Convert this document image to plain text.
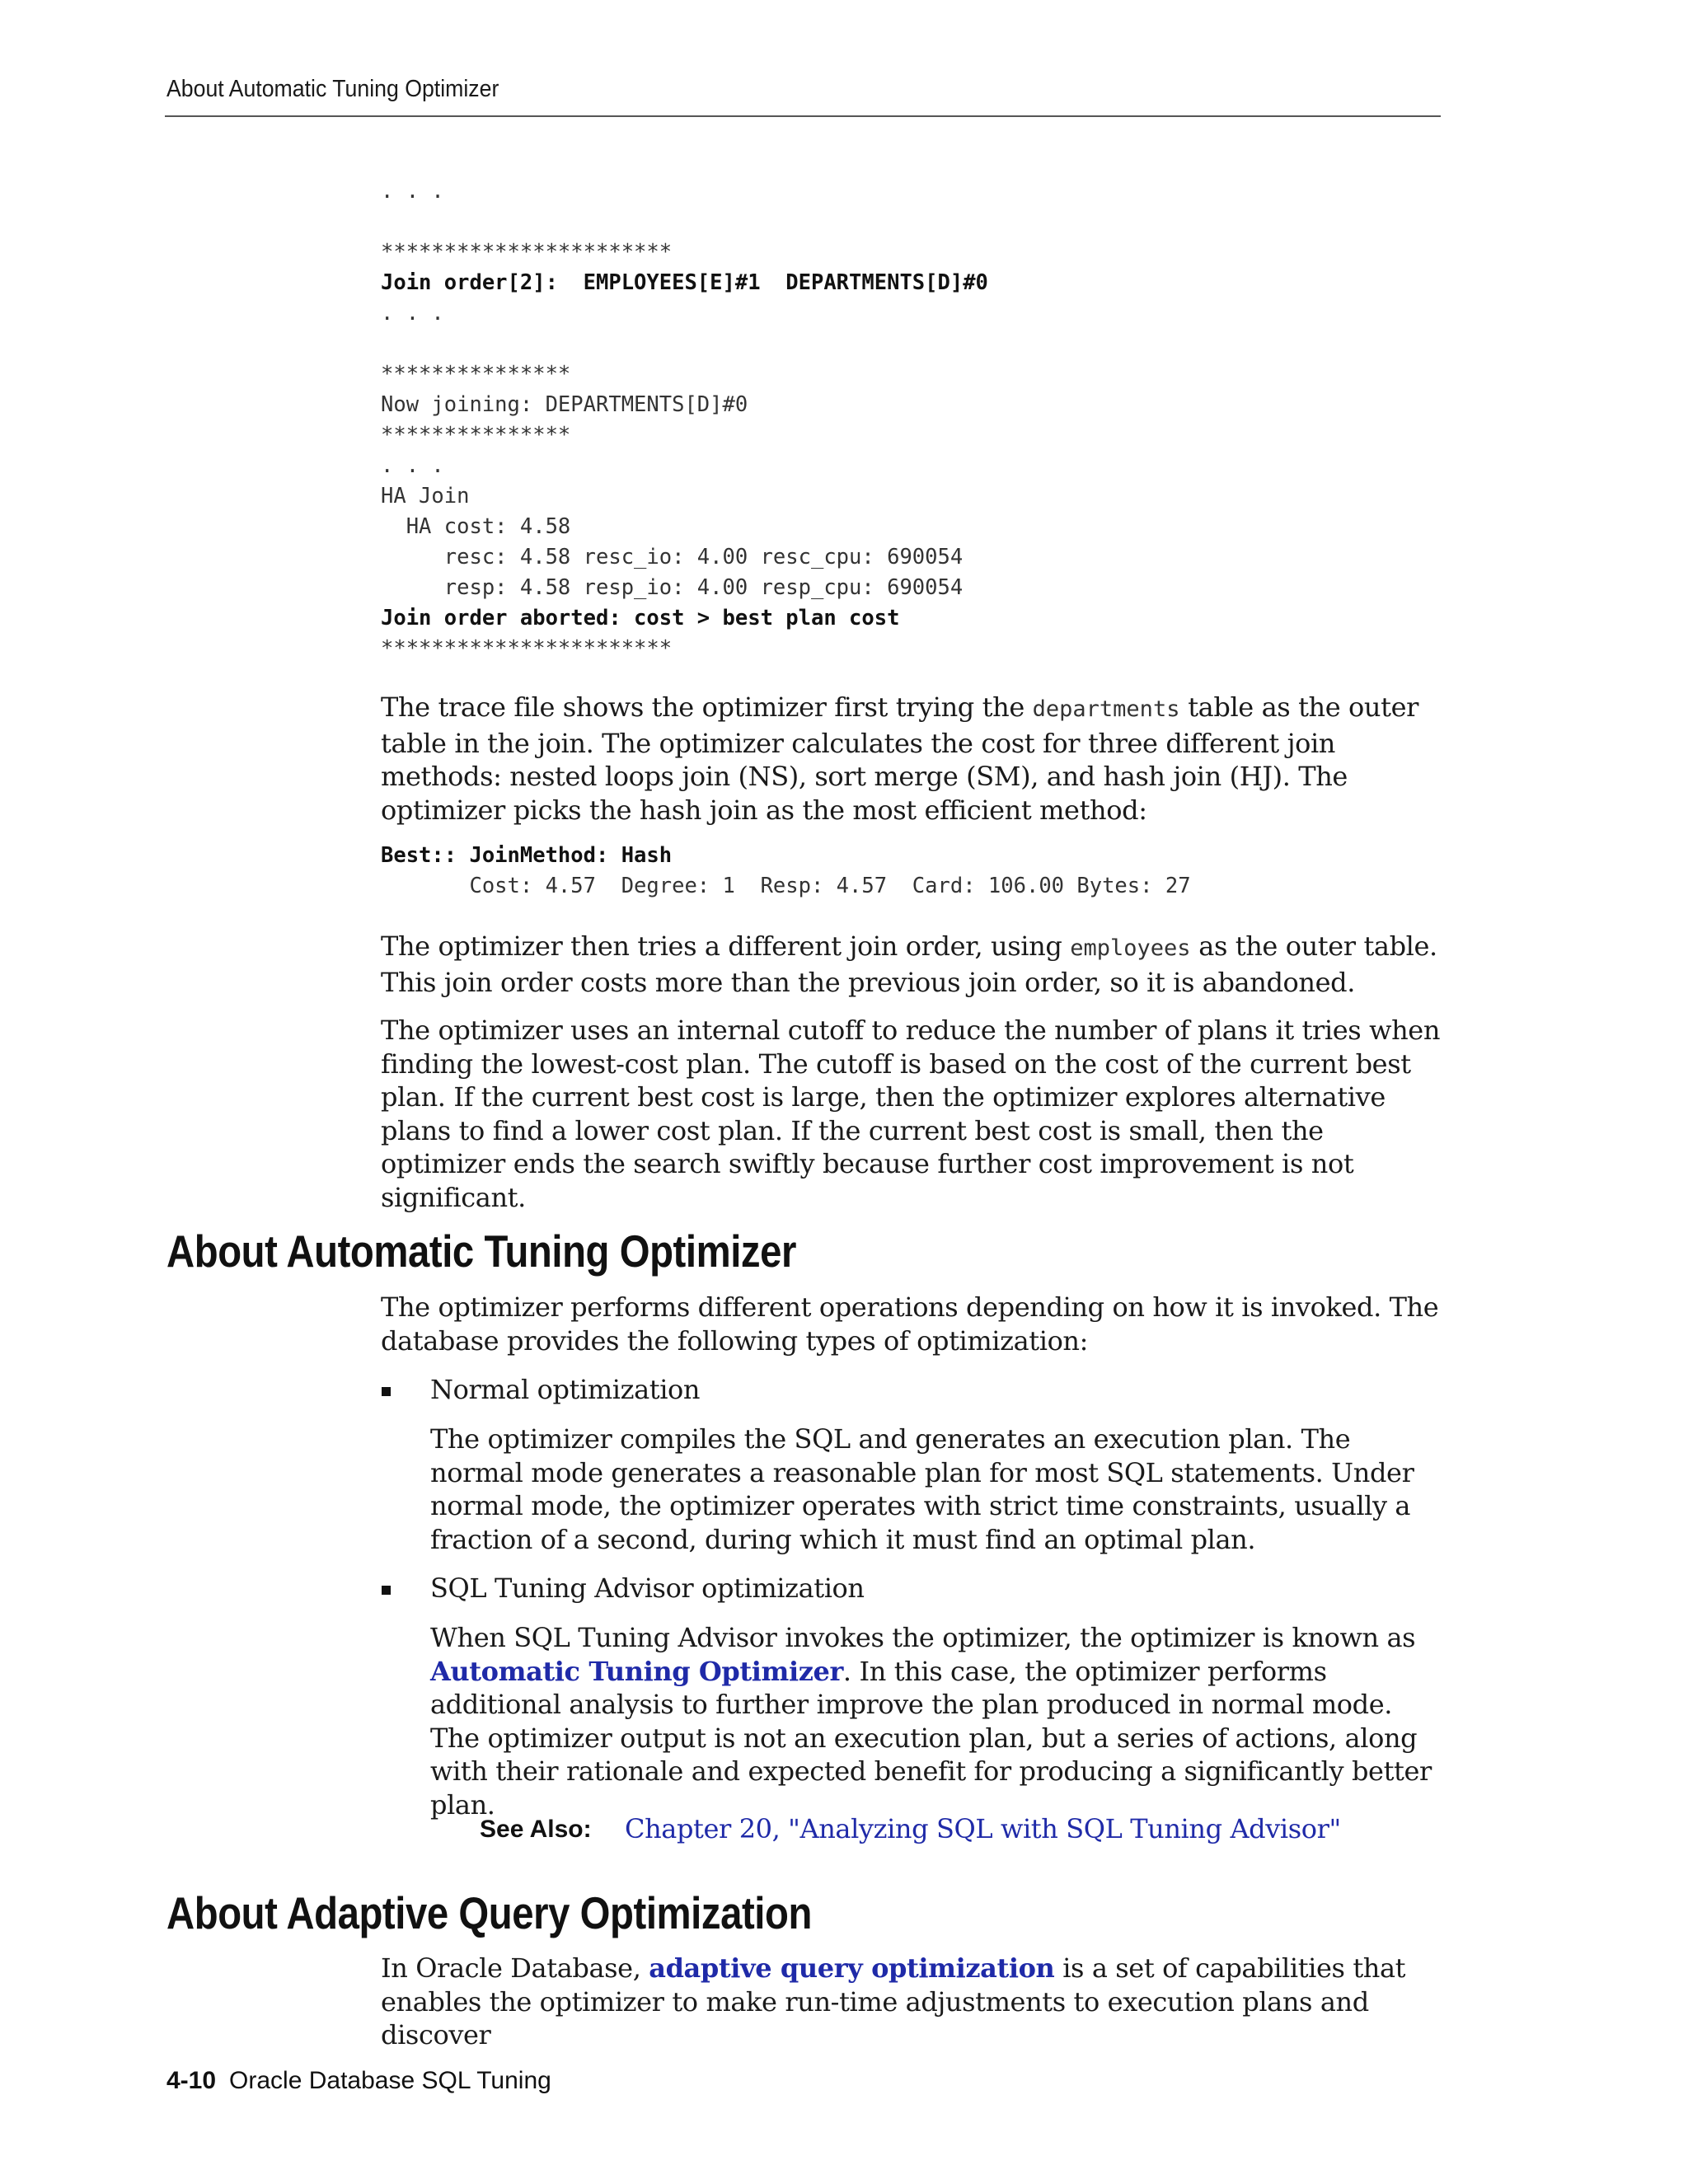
About Automatic Tuning Optimizer
. . .

***********************
Join order[2]:  EMPLOYEES[E]#1  DEPARTMENTS[D]#0
. . .

***************
Now joining: DEPARTMENTS[D]#0
***************
. . .
HA Join
HA cost: 4.58
resc: 4.58 resc_io: 4.00 resc_cpu: 690054
resp: 4.58 resp_io: 4.00 resp_cpu: 690054
Join order aborted: cost > best plan cost
***********************

The trace file shows the optimizer first trying the departments table as the outer table in the join. The optimizer calculates the cost for three different join methods: nested loops join (NS), sort merge (SM), and hash join (HJ). The optimizer picks the hash join as the most efficient method:

Best:: JoinMethod: Hash
Cost: 4.57  Degree: 1  Resp: 4.57  Card: 106.00 Bytes: 27

The optimizer then tries a different join order, using employees as the outer table. This join order costs more than the previous join order, so it is abandoned.

The optimizer uses an internal cutoff to reduce the number of plans it tries when finding the lowest-cost plan. The cutoff is based on the cost of the current best plan. If the current best cost is large, then the optimizer explores alternative plans to find a lower cost plan. If the current best cost is small, then the optimizer ends the search swiftly because further cost improvement is not significant.

About Automatic Tuning Optimizer

The optimizer performs different operations depending on how it is invoked. The database provides the following types of optimization:

Normal optimization

The optimizer compiles the SQL and generates an execution plan. The normal mode generates a reasonable plan for most SQL statements. Under normal mode, the optimizer operates with strict time constraints, usually a fraction of a second, during which it must find an optimal plan.

SQL Tuning Advisor optimization

When SQL Tuning Advisor invokes the optimizer, the optimizer is known as Automatic Tuning Optimizer. In this case, the optimizer performs additional analysis to further improve the plan produced in normal mode. The optimizer output is not an execution plan, but a series of actions, along with their rationale and expected benefit for producing a significantly better plan.

See Also: Chapter 20, "Analyzing SQL with SQL Tuning Advisor"
About Adaptive Query Optimization

In Oracle Database, adaptive query optimization is a set of capabilities that enables the optimizer to make run-time adjustments to execution plans and discover

4-10 Oracle Database SQL Tuning
